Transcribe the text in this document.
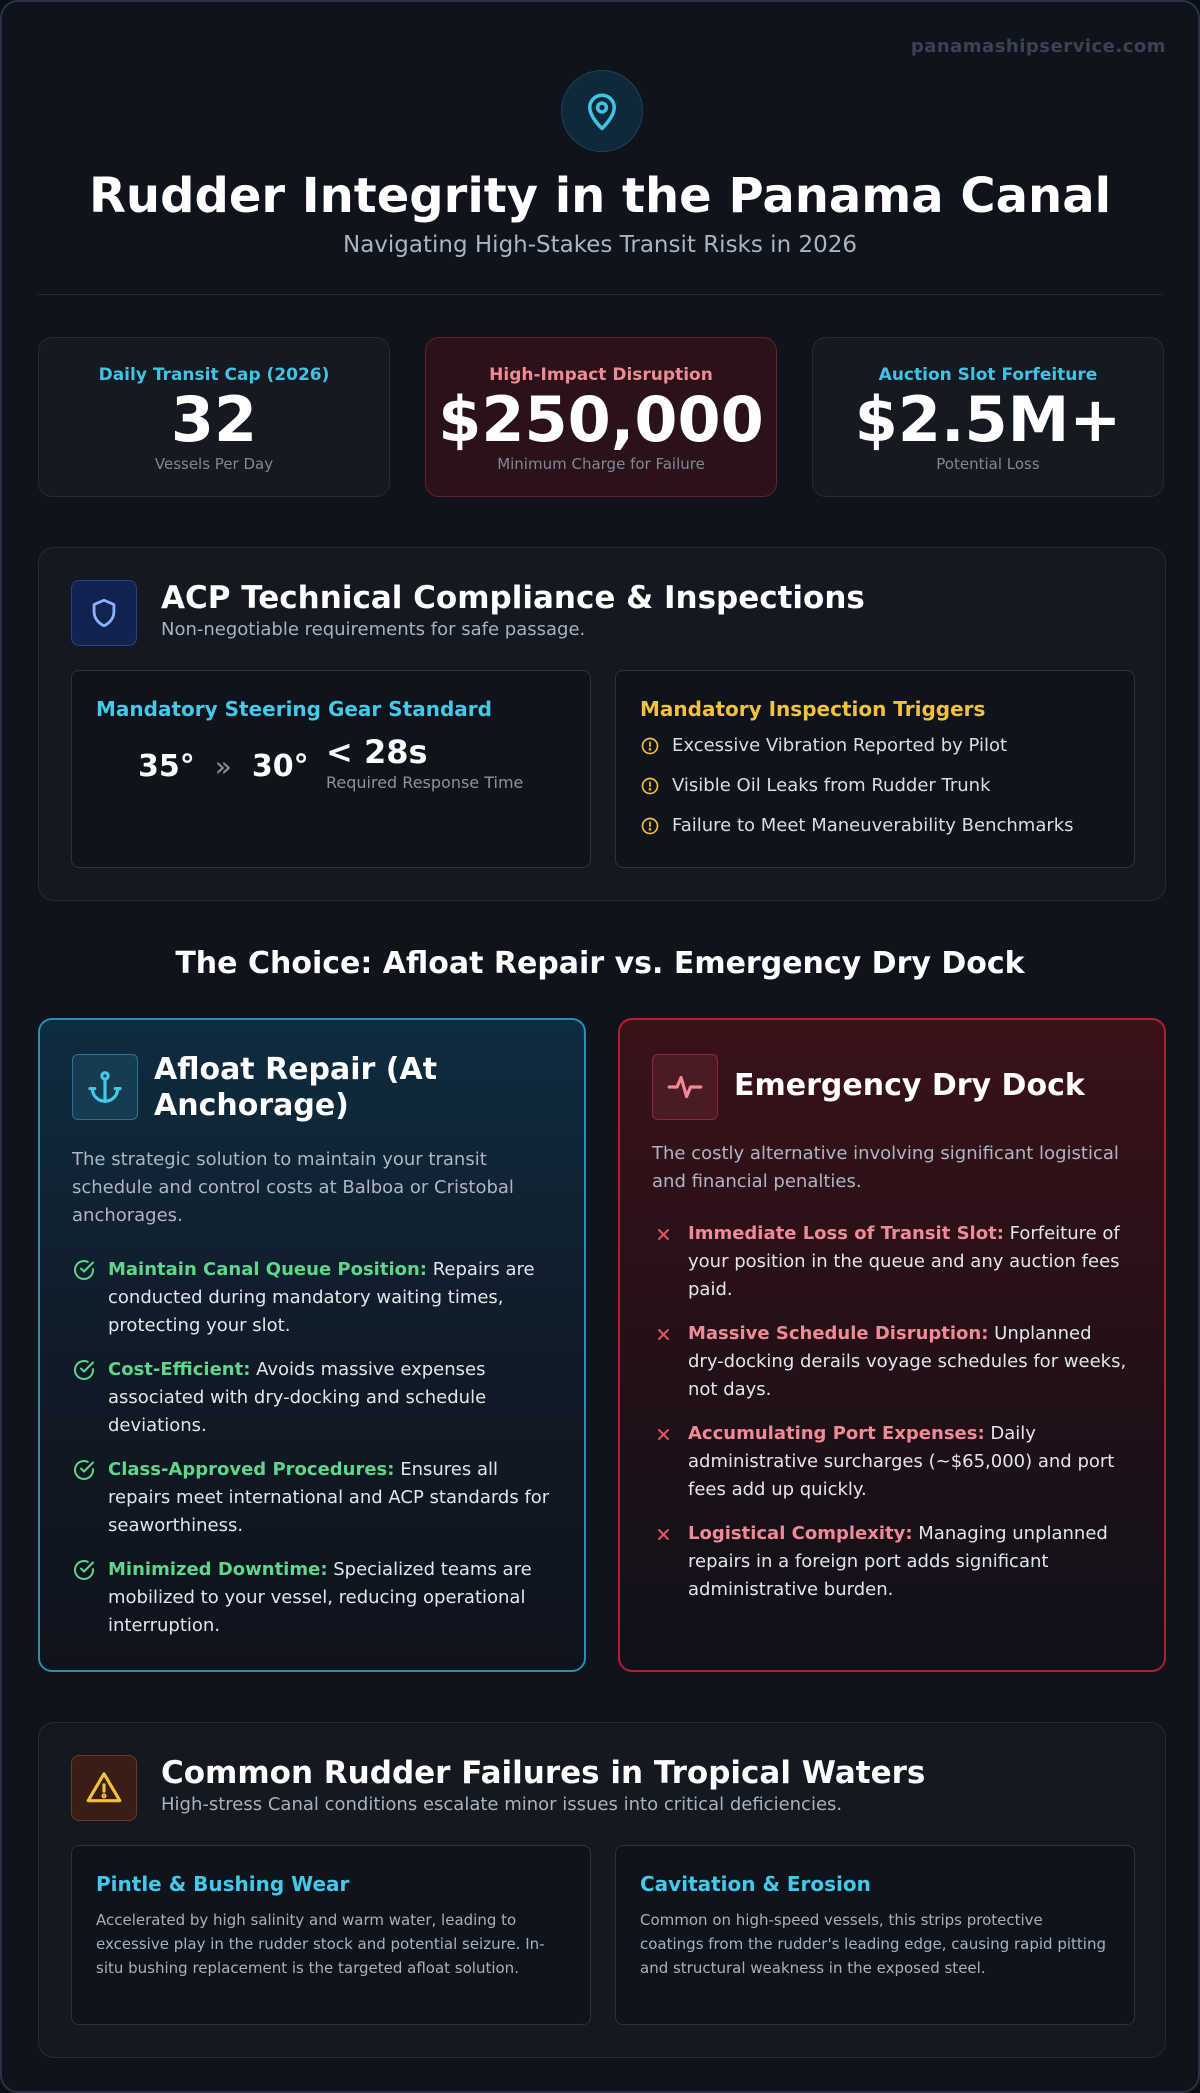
panamashipservice.com
Rudder Integrity in the Panama Canal
Navigating High-Stakes Transit Risks in 2026
Daily Transit Cap (2026)
32
Vessels Per Day
High-Impact Disruption
$250,000
Minimum Charge for Failure
Auction Slot Forfeiture
$2.5M+
Potential Loss
ACP Technical Compliance & Inspections
Non-negotiable requirements for safe passage.
Mandatory Steering Gear Standard
35° » 30° < 28s
Required Response Time
Mandatory Inspection Triggers
Excessive Vibration Reported by Pilot
Visible Oil Leaks from Rudder Trunk
Failure to Meet Maneuverability Benchmarks
The Choice: Afloat Repair vs. Emergency Dry Dock
Afloat Repair (At Anchorage)
The strategic solution to maintain your transit schedule and control costs at Balboa or Cristobal anchorages.
Maintain Canal Queue Position: Repairs are conducted during mandatory waiting times, protecting your slot.
Cost-Efficient: Avoids massive expenses associated with dry-docking and schedule deviations.
Class-Approved Procedures: Ensures all repairs meet international and ACP standards for seaworthiness.
Minimized Downtime: Specialized teams are mobilized to your vessel, reducing operational interruption.
Emergency Dry Dock
The costly alternative involving significant logistical and financial penalties.
Immediate Loss of Transit Slot: Forfeiture of your position in the queue and any auction fees paid.
Massive Schedule Disruption: Unplanned dry-docking derails voyage schedules for weeks, not days.
Accumulating Port Expenses: Daily administrative surcharges (~$65,000) and port fees add up quickly.
Logistical Complexity: Managing unplanned repairs in a foreign port adds significant administrative burden.
Common Rudder Failures in Tropical Waters
High-stress Canal conditions escalate minor issues into critical deficiencies.
Pintle & Bushing Wear
Accelerated by high salinity and warm water, leading to excessive play in the rudder stock and potential seizure. In-situ bushing replacement is the targeted afloat solution.
Cavitation & Erosion
Common on high-speed vessels, this strips protective coatings from the rudder's leading edge, causing rapid pitting and structural weakness in the exposed steel.
